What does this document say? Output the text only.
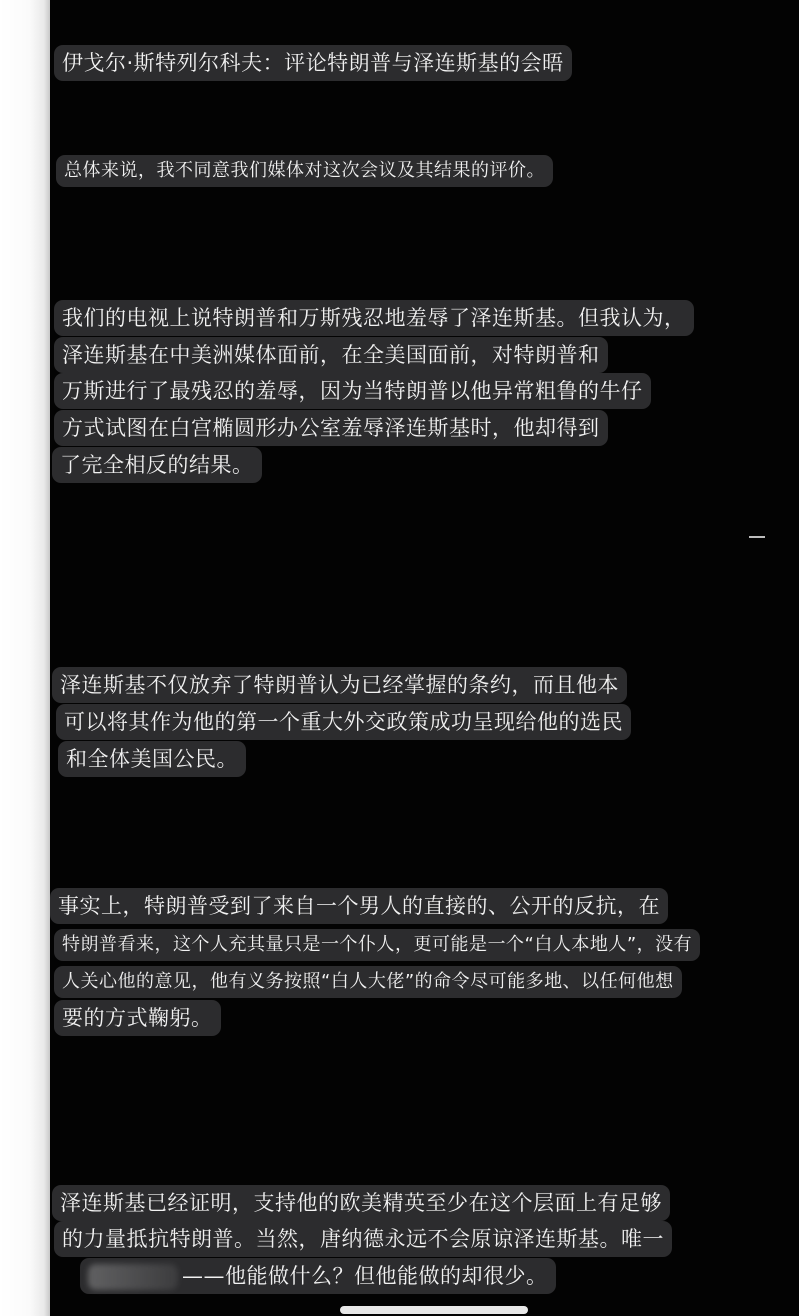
伊戈尔·斯特列尔科夫：评论特朗普与泽连斯基的会晤
总体来说，我不同意我们媒体对这次会议及其结果的评价。
我们的电视上说特朗普和万斯残忍地羞辱了泽连斯基。但我认为，
泽连斯基在中美洲媒体面前，在全美国面前，对特朗普和
万斯进行了最残忍的羞辱，因为当特朗普以他异常粗鲁的牛仔
方式试图在白宫椭圆形办公室羞辱泽连斯基时，他却得到
了完全相反的结果。
泽连斯基不仅放弃了特朗普认为已经掌握的条约，而且他本
可以将其作为他的第一个重大外交政策成功呈现给他的选民
和全体美国公民。
事实上，特朗普受到了来自一个男人的直接的、公开的反抗，在
特朗普看来，这个人充其量只是一个仆人，更可能是一个“白人本地人”，没有
人关心他的意见，他有义务按照“白人大佬”的命令尽可能多地、以任何他想
要的方式鞠躬。
泽连斯基已经证明，支持他的欧美精英至少在这个层面上有足够
的力量抵抗特朗普。当然，唐纳德永远不会原谅泽连斯基。唯一
——他能做什么？但他能做的却很少。
